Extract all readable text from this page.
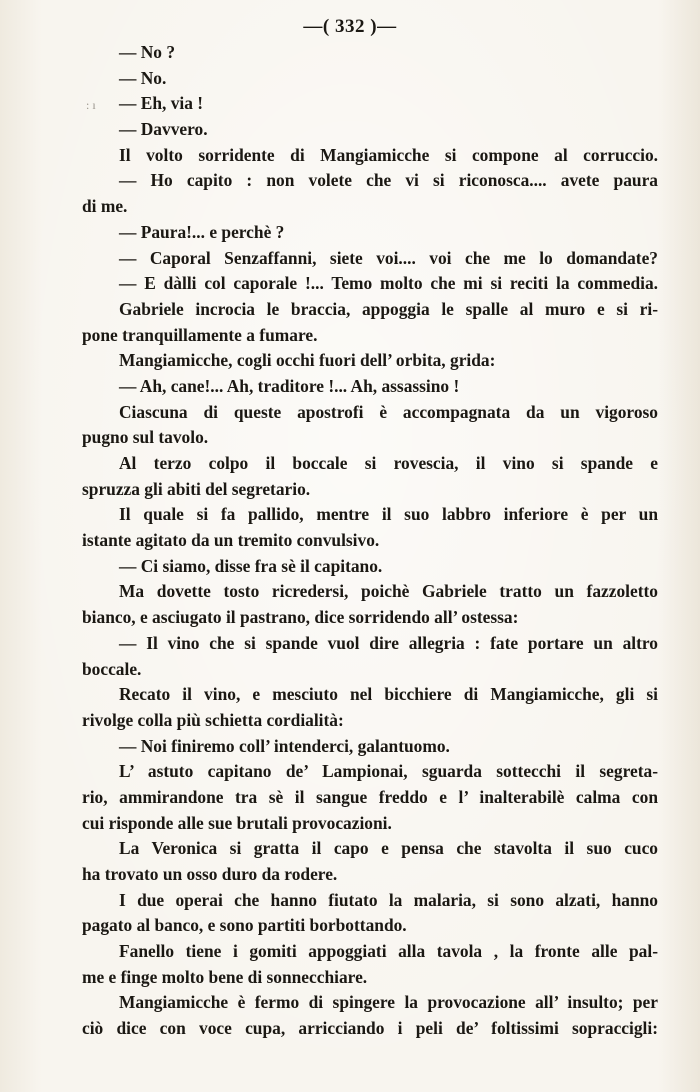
—( 332 )—
: ı
— No ?
— No.
— Eh, via !
— Davvero.
Il volto sorridente di Mangiamicche si compone al corruccio.
— Ho capito : non volete che vi si riconosca.... avete paura
di me.
— Paura!... e perchè ?
— Caporal Senzaffanni, siete voi.... voi che me lo domandate?
— E dàlli col caporale !... Temo molto che mi si reciti la commedia.
Gabriele incrocia le braccia, appoggia le spalle al muro e si ri-
pone tranquillamente a fumare.
Mangiamicche, cogli occhi fuori dell’ orbita, grida:
— Ah, cane!... Ah, traditore !... Ah, assassino !
Ciascuna di queste apostrofi è accompagnata da un vigoroso
pugno sul tavolo.
Al terzo colpo il boccale si rovescia, il vino si spande e
spruzza gli abiti del segretario.
Il quale si fa pallido, mentre il suo labbro inferiore è per un
istante agitato da un tremito convulsivo.
— Ci siamo, disse fra sè il capitano.
Ma dovette tosto ricredersi, poichè Gabriele tratto un fazzoletto
bianco, e asciugato il pastrano, dice sorridendo all’ ostessa:
— Il vino che si spande vuol dire allegria : fate portare un altro
boccale.
Recato il vino, e mesciuto nel bicchiere di Mangiamicche, gli si
rivolge colla più schietta cordialità:
— Noi finiremo coll’ intenderci, galantuomo.
L’ astuto capitano de’ Lampionai, sguarda sottecchi il segreta-
rio, ammirandone tra sè il sangue freddo e l’ inalterabilè calma con
cui risponde alle sue brutali provocazioni.
La Veronica si gratta il capo e pensa che stavolta il suo cuco
ha trovato un osso duro da rodere.
I due operai che hanno fiutato la malaria, si sono alzati, hanno
pagato al banco, e sono partiti borbottando.
Fanello tiene i gomiti appoggiati alla tavola , la fronte alle pal-
me e finge molto bene di sonnecchiare.
Mangiamicche è fermo di spingere la provocazione all’ insulto; per
ciò dice con voce cupa, arricciando i peli de’ foltissimi sopraccigli:
